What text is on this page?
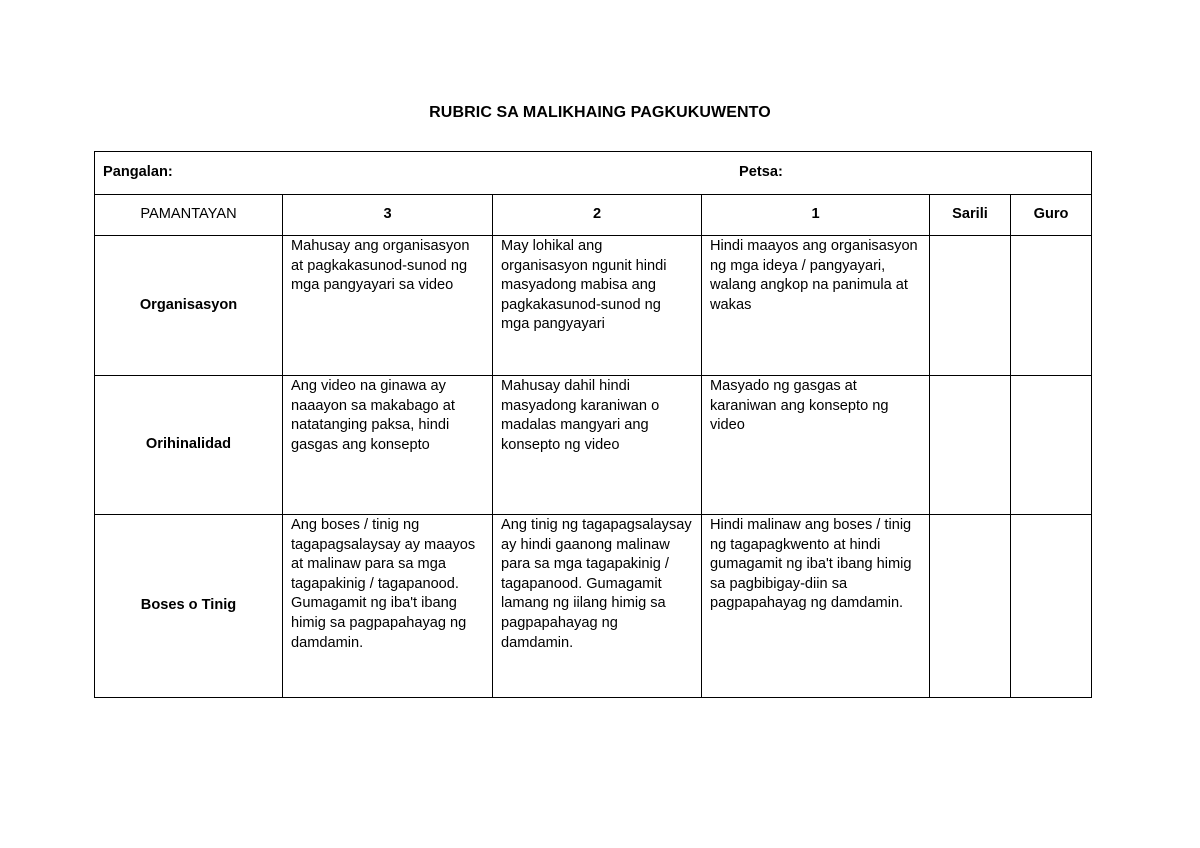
RUBRIC SA MALIKHAING PAGKUKUWENTO
Pangalan: Petsa:					

PAMANTAYAN	3	2	1	Sarili	Guro
Organisasyon	Mahusay ang organisasyon at pagkakasunod-sunod ng mga pangyayari sa video	May lohikal ang organisasyon ngunit hindi masyadong mabisa ang pagkakasunod-sunod ng mga pangyayari	Hindi maayos ang organisasyon ng mga ideya / pangyayari, walang angkop na panimula at wakas		
Orihinalidad	Ang video na ginawa ay naaayon sa makabago at natatanging paksa, hindi gasgas ang konsepto	Mahusay dahil hindi masyadong karaniwan o madalas mangyari ang konsepto ng video	Masyado ng gasgas at karaniwan ang konsepto ng video		
Boses o Tinig	Ang boses / tinig ng tagapagsalaysay ay maayos at malinaw para sa mga tagapakinig / tagapanood. Gumagamit ng iba't ibang himig sa pagpapahayag ng damdamin.	Ang tinig ng tagapagsalaysay ay hindi gaanong malinaw para sa mga tagapakinig / tagapanood. Gumagamit lamang ng iilang himig sa pagpapahayag ng damdamin.	Hindi malinaw ang boses / tinig ng tagapagkwento at hindi gumagamit ng iba't ibang himig sa pagbibigay-diin sa pagpapahayag ng damdamin.		
